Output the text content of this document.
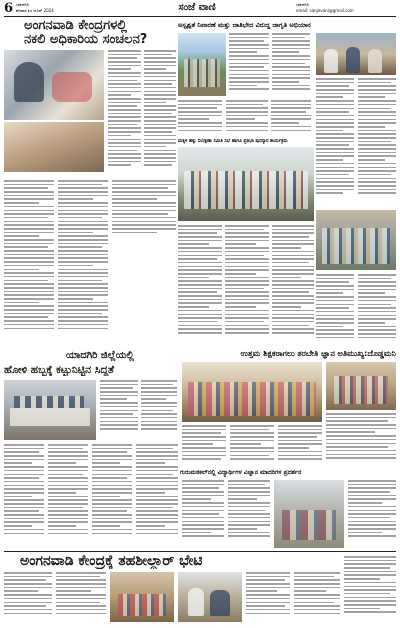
6 ಯಾದಗಿರಿ
ಶನಿವಾರ ೩೦ ಜೂನ್ 2024	ಸಂಜೆ ವಾಣಿ	ಯಾದಗಿರಿ
email: sanjevani@gmail.com
ಅಂಗನವಾಡಿ ಕೇಂದ್ರಗಳಲ್ಲಿ
ನಕಲಿ ಅಧಿಕಾರಿಯ ಸಂಚಲನ?
ಅಸ್ಪೃಶ್ಯತೆ ನಿವಾರಣೆ ಮತ್ತು ಜಾತಿಭೇದ ವಿರುದ್ಧ ಜಾಗೃತಿ ಅಭಿಯಾನ
ಮಕ್ಕಳ ಹಕ್ಕು ಸಂರಕ್ಷಣಾ ಸಮಿತಿ ಸಭೆ ಹಾಗೂ ಪ್ರತಿಭಾ ಪುರಸ್ಕಾರ ಕಾರ್ಯಕ್ರಮ
ಯಾದಗಿರಿ ಜಿಲ್ಲೆಯಲ್ಲಿ
ಹೋಳಿ ಹಬ್ಬಕ್ಕೆ ಕಟ್ಟುನಿಟ್ಟಿನ ಸಿದ್ಧತೆ
ಉತ್ತಮ ಶಿಕ್ಷಕರಾಗಲು ತರಬೇತಿ ಜ್ಞಾನ ಅತಿಮುಖ್ಯ:ದೊಡ್ಡಮನಿ
ಗುರುಮಠಕಲ್‌ನಲ್ಲಿ ವಿದ್ಯಾರ್ಥಿಗಳ ವಿಜ್ಞಾನ ಮಾದರಿಗಳ ಪ್ರದರ್ಶನ
ಅಂಗನವಾಡಿ ಕೇಂದ್ರಕ್ಕೆ ತಹಶೀಲ್ದಾರ್ ಭೇಟಿ
